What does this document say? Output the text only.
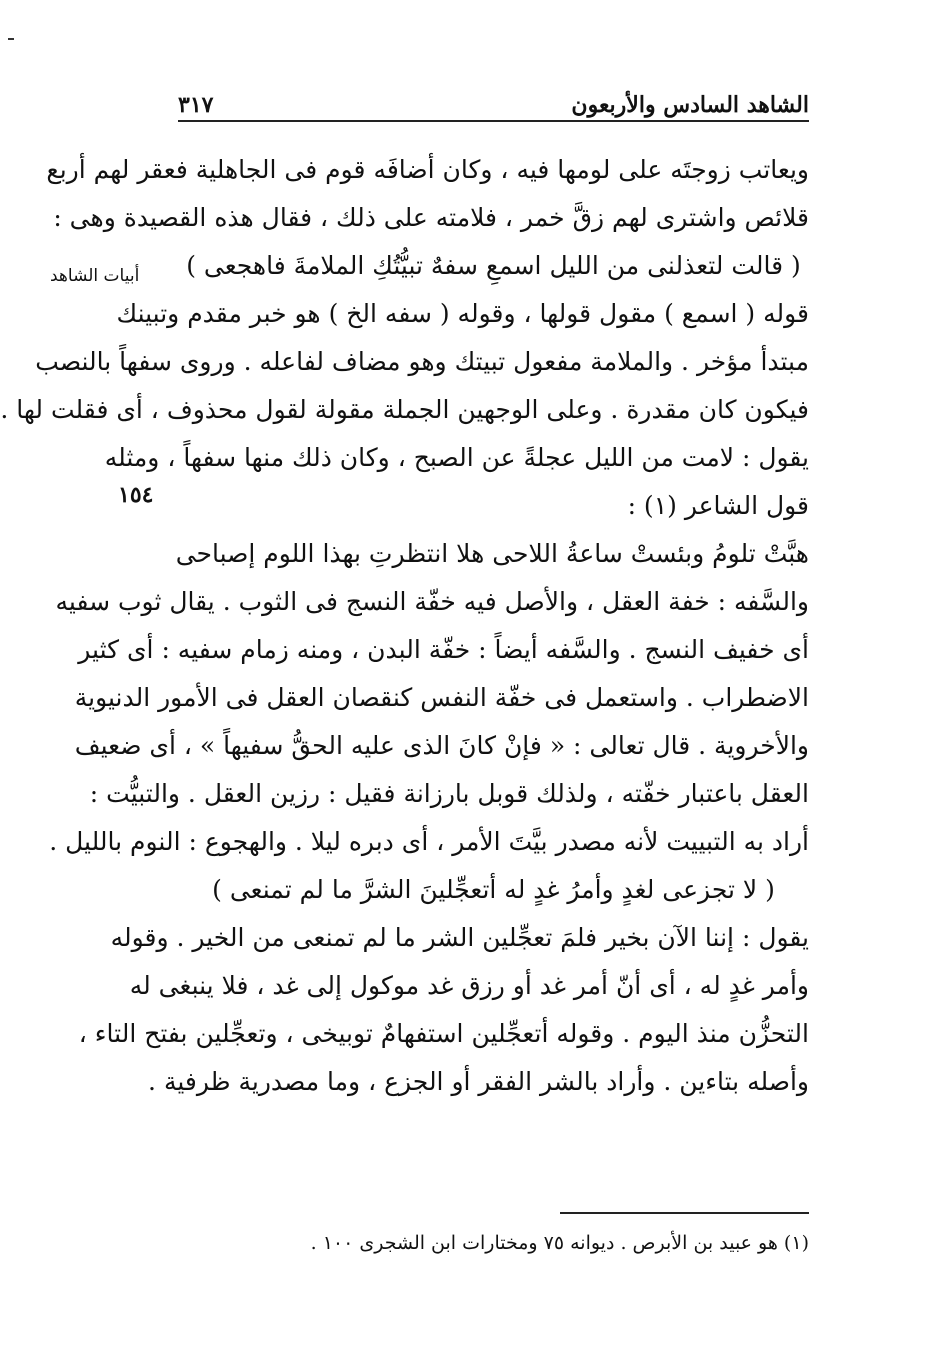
الشاهد السادس والأربعون
٣١٧
أبيات الشاهد
١٥٤
ويعاتب زوجتَه على لومها فيه ، وكان أضافَه قوم فى الجاهلية فعقر لهم أربع
قلائص واشترى لهم زقَّ خمر ، فلامته على ذلك ، فقال هذه القصيدة وهى :
( قالت لتعذلنى من الليل اسمعِ سفهٌ تبيُّتُكِ الملامةَ فاهجعى )
قوله ( اسمع ) مقول قولها ، وقوله ( سفه الخ ) هو خبر مقدم وتبينك
مبتدأ مؤخر . والملامة مفعول تبيتك وهو مضاف لفاعله . وروى سفهاً بالنصب
فيكون كان مقدرة . وعلى الوجهين الجملة مقولة لقول محذوف ، أى فقلت لها .
يقول : لامت من الليل عجلةً عن الصبح ، وكان ذلك منها سفهاً ، ومثله
قول الشاعر (١) :
هبَّتْ تلومُ وبئستْ ساعةُ اللاحى هلا انتظرتِ بهذا اللوم إصباحى
والسَّفه : خفة العقل ، والأصل فيه خفّة النسج فى الثوب . يقال ثوب سفيه
أى خفيف النسج . والسَّفه أيضاً : خفّة البدن ، ومنه زمام سفيه : أى كثير
الاضطراب . واستعمل فى خفّة النفس كنقصان العقل فى الأمور الدنيوية
والأخروية . قال تعالى : « فإنْ كانَ الذى عليه الحقُّ سفيهاً » ، أى ضعيف
العقل باعتبار خفّته ، ولذلك قوبل بارزانة فقيل : رزين العقل . والتبيُّت :
أراد به التبييت لأنه مصدر بيَّتَ الأمر ، أى دبره ليلا . والهجوع : النوم بالليل .
( لا تجزعى لغدٍ وأمرُ غدٍ له أتعجِّلينَ الشرَّ ما لم تمنعى )
يقول : إننا الآن بخير فلمَ تعجِّلين الشر ما لم تمنعى من الخير . وقوله
وأمر غدٍ له ، أى أنّ أمر غد أو رزق غد موكول إلى غد ، فلا ينبغى له
التحزُّن منذ اليوم . وقوله أتعجِّلين استفهامٌ توبيخى ، وتعجِّلين بفتح التاء ،
وأصله بتاءين . وأراد بالشر الفقر أو الجزع ، وما مصدرية ظرفية .
(١) هو عبيد بن الأبرص . ديوانه ٧٥ ومختارات ابن الشجرى ١٠٠ .
